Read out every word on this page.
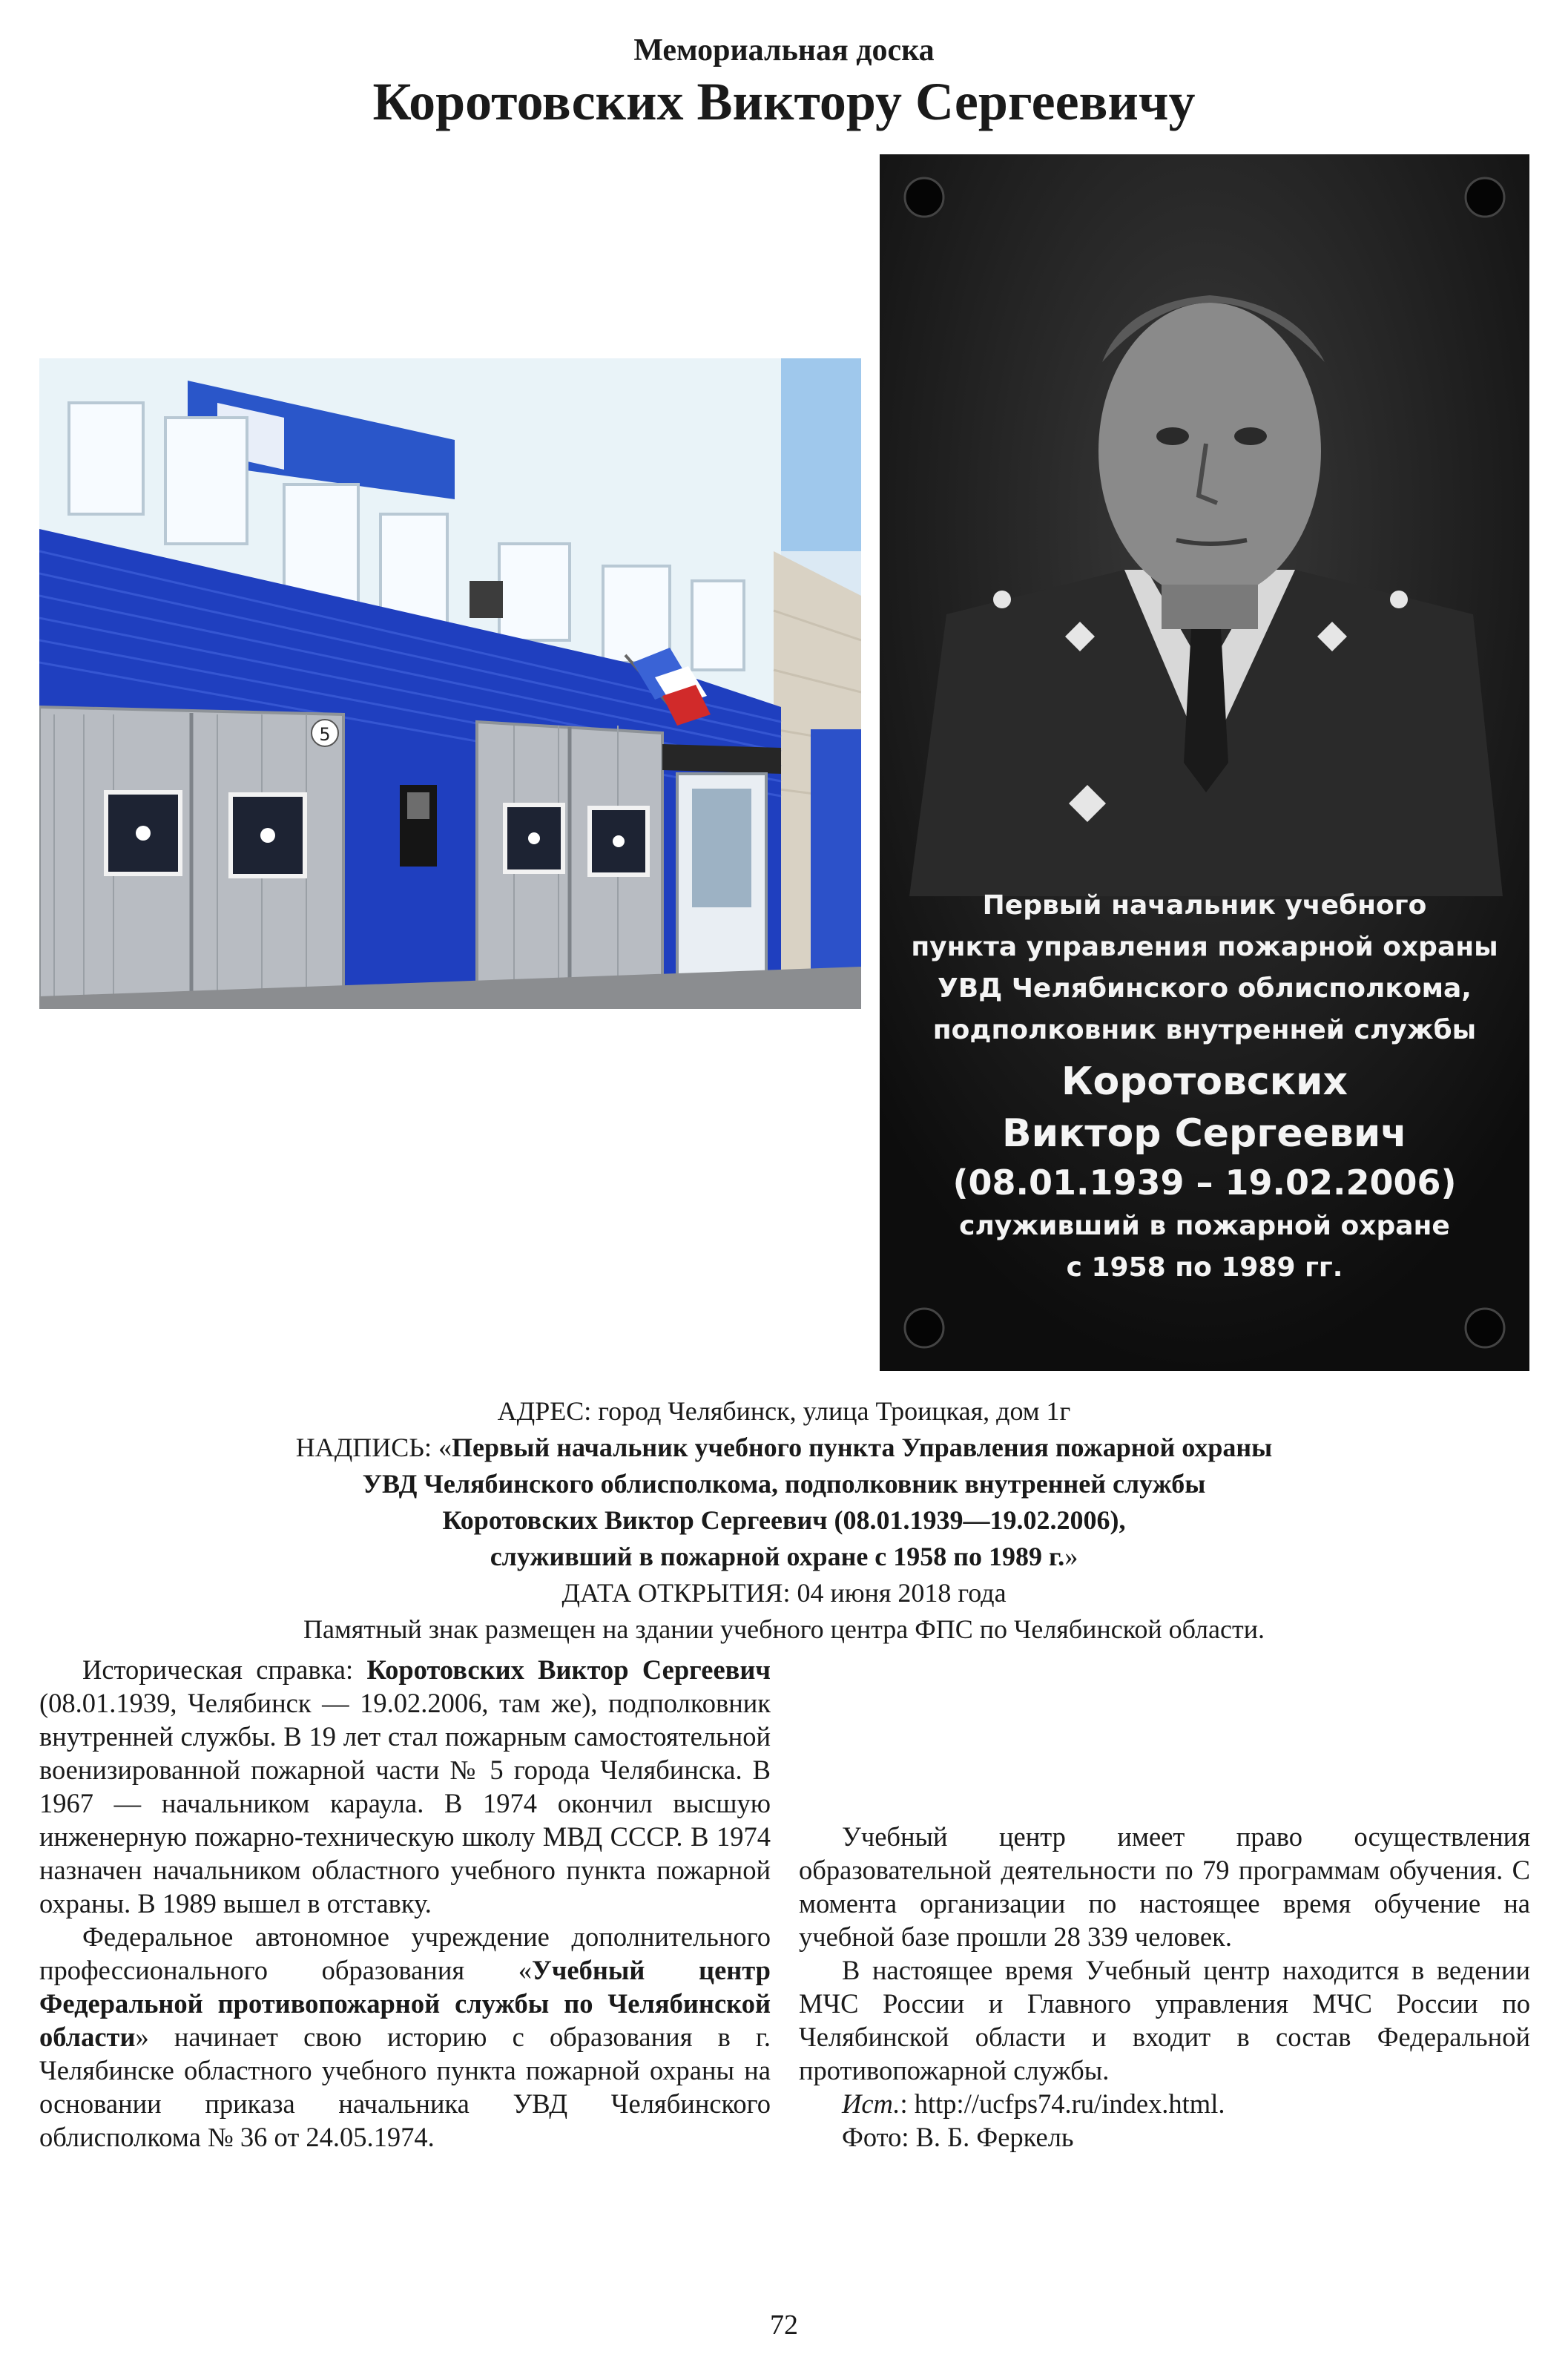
Мемориальная доска
Коротовских Виктору Сергеевичу
5
Первый начальник учебного
пункта управления пожарной охраны
УВД Челябинского облисполкома,
подполковник внутренней службы
Коротовских
Виктор Сергеевич
(08.01.1939 – 19.02.2006)
служивший в пожарной охране
с 1958 по 1989 гг.
АДРЕС: город Челябинск, улица Троицкая, дом 1г
НАДПИСЬ: «Первый начальник учебного пункта Управления пожарной охраны
УВД Челябинского облисполкома, подполковник внутренней службы
Коротовских Виктор Сергеевич (08.01.1939—19.02.2006),
служивший в пожарной охране с 1958 по 1989 г.»
ДАТА ОТКРЫТИЯ: 04 июня 2018 года
Памятный знак размещен на здании учебного центра ФПС по Челябинской области.

Историческая справка: Коротовских Виктор Сергеевич (08.01.1939, Челябинск — 19.02.2006, там же), подполковник внутренней службы. В 19 лет стал пожарным самостоятельной военизированной пожарной части № 5 города Челябинска. В 1967 — начальником караула. В 1974 окончил высшую инженерную пожарно-техническую школу МВД СССР. В 1974 назначен начальником областного учебного пункта пожарной охраны. В 1989 вышел в отставку.

Федеральное автономное учреждение дополнительного профессионального образования «Учебный центр Федеральной противопожарной службы по Челябинской области» начинает свою историю с образования в г. Челябинске областного учебного пункта пожарной охраны на основании приказа начальника УВД Челябинского облисполкома № 36 от 24.05.1974.

Учебный центр имеет право осуществления образовательной деятельности по 79 программам обучения. С момента организации по настоящее время обучение на учебной базе прошли 28 339 человек.

В настоящее время Учебный центр находится в ведении МЧС России и Главного управления МЧС России по Челябинской области и входит в состав Федеральной противопожарной службы.

Ист.: http://ucfps74.ru/index.html.

Фото: В. Б. Феркель

72
